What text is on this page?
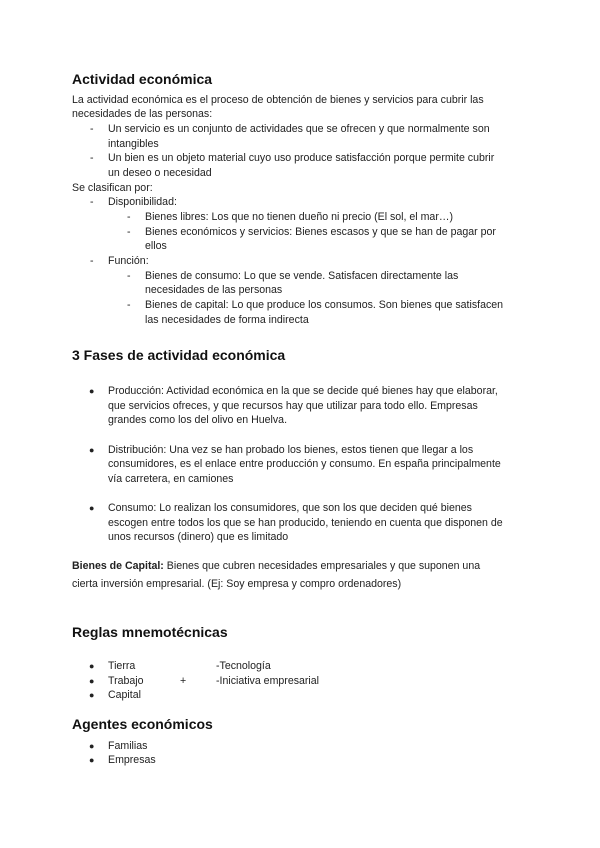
Actividad económica
La actividad económica es el proceso de obtención de bienes y servicios para cubrir las
necesidades de las personas:
- Un servicio es un conjunto de actividades que se ofrecen y que normalmente son
intangibles
- Un bien es un objeto material cuyo uso produce satisfacción porque permite cubrir
un deseo o necesidad
Se clasifican por:
- Disponibilidad:
- Bienes libres: Los que no tienen dueño ni precio (El sol, el mar…)
- Bienes económicos y servicios: Bienes escasos y que se han de pagar por
ellos
- Función:
- Bienes de consumo: Lo que se vende. Satisfacen directamente las
necesidades de las personas
- Bienes de capital: Lo que produce los consumos. Son bienes que satisfacen
las necesidades de forma indirecta
3 Fases de actividad económica
● Producción: Actividad económica en la que se decide qué bienes hay que elaborar,
que servicios ofreces, y que recursos hay que utilizar para todo ello. Empresas
grandes como los del olivo en Huelva.
● Distribución: Una vez se han probado los bienes, estos tienen que llegar a los
consumidores, es el enlace entre producción y consumo. En españa principalmente
vía carretera, en camiones
● Consumo: Lo realizan los consumidores, que son los que deciden qué bienes
escogen entre todos los que se han producido, teniendo en cuenta que disponen de
unos recursos (dinero) que es limitado
Bienes de Capital: Bienes que cubren necesidades empresariales y que suponen una
cierta inversión empresarial. (Ej: Soy empresa y compro ordenadores)
Reglas mnemotécnicas
● Tierra	-Tecnología
● Trabajo	+	-Iniciativa empresarial
● Capital
Agentes económicos
● Familias
● Empresas
